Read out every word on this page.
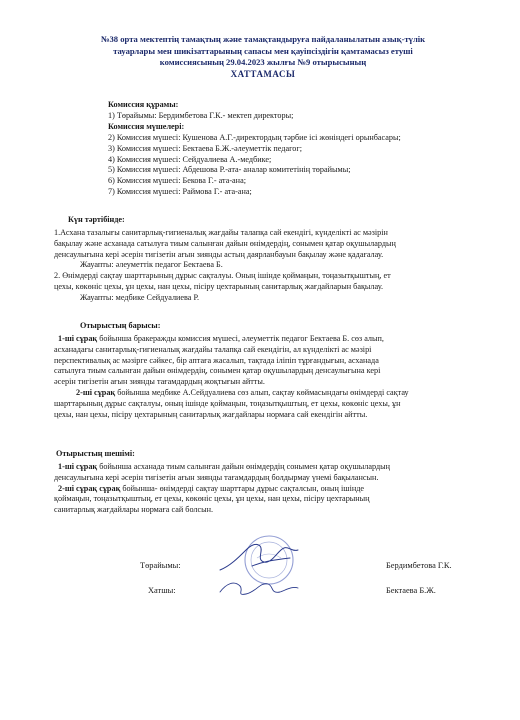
№38 орта мектептің тамақтың және тамақтандыруға пайдаланылатын азық-түлік
тауарлары мен шикізаттарының сапасы мен қауіпсіздігін қамтамасыз етуші
комиссиясының 29.04.2023 жылғы №9 отырысының
ХАТТАМАСЫ
Комиссия құрамы:
1) Төрайымы: Бердимбетова Г.К.- мектеп директоры;
Комиссия мүшелері:
2) Комиссия мүшесі: Кушенова А.Г.-директордың тәрбие ісі жөніндегі орынбасары;
3) Комиссия мүшесі: Бектаева Б.Ж.-әлеуметтік педагог;
4) Комиссия мүшесі: Сейдуалиева А.-медбике;
5) Комиссия мүшесі: Абдешова Р.-ата- аналар комитетінің төрайымы;
6) Комиссия мүшесі: Бекова Г.- ата-ана;
7) Комиссия мүшесі: Раймова Г.- ата-ана;
Күн тәртібінде:
1.Асхана тазалығы санитарлық-гигиеналық жағдайы талапқа сай екендігі, күнделікті ас мәзірін
бақылау және асханада сатылуға тиым салынған дайын өнімдердің, сонымен қатар оқушылардың
денсаулығына кері әсерін тигізетін ағын зиянды астың даярланбауын бақылау және қадағалау.
Жауапты: әлеуметтік педагог Бектаева Б.
2. Өнімдерді сақтау шарттарының дұрыс сақталуы. Оның ішінде қоймаңын, тоңазытқыштың, ет
цехы, көкөніс цехы, ұн цехы, нан цехы, пісіру цехтарының санитарлық жағдайларын бақылау.
Жауапты: медбике Сейдуалиева Р.
Отырыстың барысы:
1-ші сұрақ бойынша бракеражды комиссия мүшесі, әлеуметтік педагог Бектаева Б. сөз алып,
асханадағы санитарлық-гигиеналық жағдайы талапқа сай екендігін, ал күнделікті ас мәзірі
перспективалық ас мәзірге сәйкес, бір аптаға жасалып, тақтада іліпіп тұрғандығын, асханада
сатылуға тиым салынған дайын өнімдердің, сонымен қатар оқушылардың денсаулығына кері
әсерін тигізетін ағын зиянды тағамдардың жоқтығын айтты.
2-ші сұрақ бойынша медбике А.Сейдуалиева сөз алып, сақтау көймасындағы өнімдерді сақтау
шарттарының дұрыс сақталуы, оның ішінде қоймаңын, тоңазытқыштың, ет цехы, көкөніс цехы, ұн
цехы, нан цехы, пісіру цехтарының санитарлық жағдайлары нормаға сай екендігін айтты.
Отырыстың шешімі:
1-ші сұрақ бойынша асханада тиым салынған дайын өнімдердің сонымен қатар оқушылардың
денсаулығына кері әсерін тигізетін ағын зиянды тағамдардың болдырмау үнемі бақылансын.
2-ші сұрақ сұрақ бойынша- өнімдерді сақтау шарттары дұрыс сақталсын, оның ішінде
қоймаңын, тоңазытқыштың, ет цехы, көкөніс цехы, ұн цехы, нан цехы, пісіру цехтарының
санитарлық жағдайлары нормаға сай болсын.
Төрайымы:	Бердимбетова Г.К.
Хатшы:	Бектаева Б.Ж.
